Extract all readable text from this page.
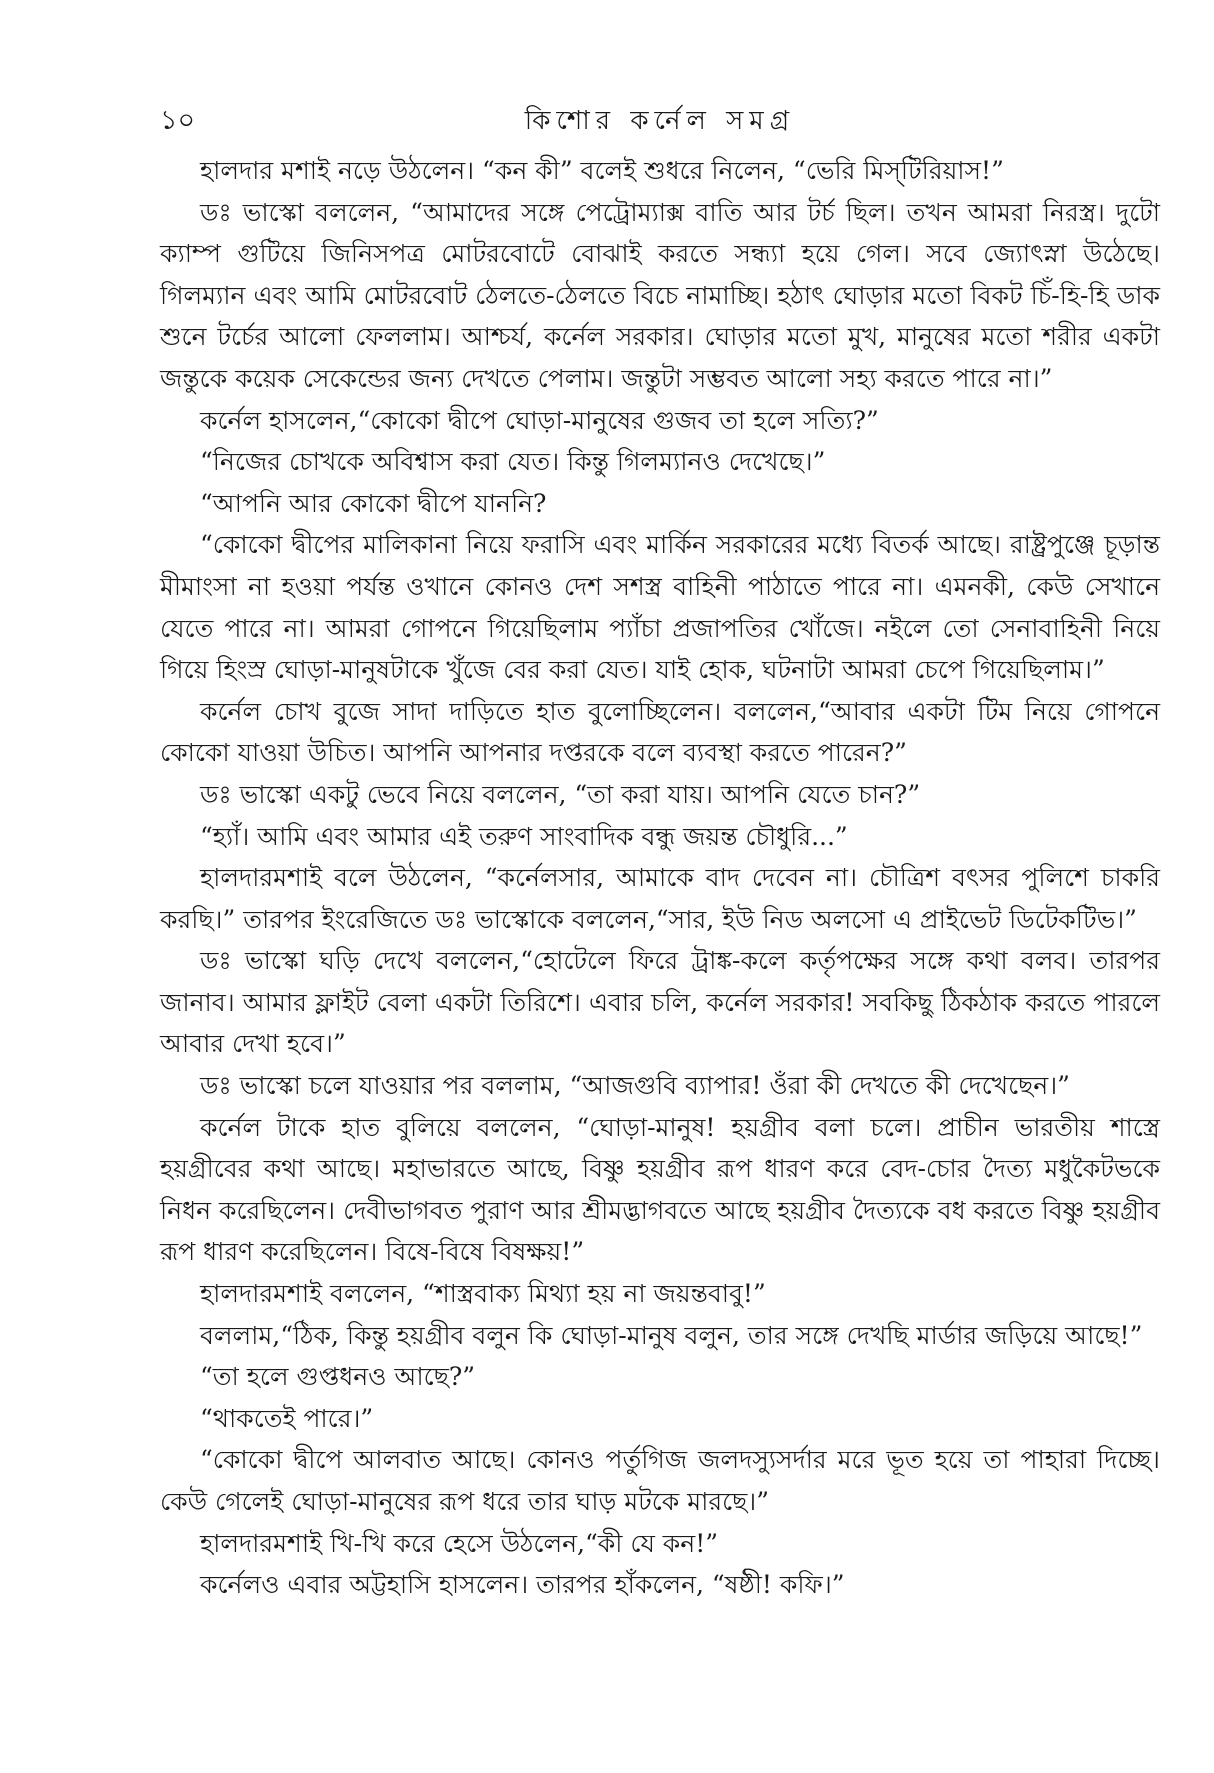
১০	কিশোর কর্নেল সমগ্র

হালদার মশাই নড়ে উঠলেন। “কন কী” বলেই শুধরে নিলেন, “ভেরি মিস্‌টিরিয়াস!”

ডঃ ভাস্কো বললেন, “আমাদের সঙ্গে পেট্রোম্যাক্স বাতি আর টর্চ ছিল। তখন আমরা নিরস্ত্র। দুটো ক্যাম্প গুটিয়ে জিনিসপত্র মোটরবোটে বোঝাই করতে সন্ধ্যা হয়ে গেল। সবে জ্যোৎস্না উঠেছে। গিলম্যান এবং আমি মোটরবোট ঠেলতে-ঠেলতে বিচে নামাচ্ছি। হঠাৎ ঘোড়ার মতো বিকট চিঁ-হি-হি ডাক শুনে টর্চের আলো ফেললাম। আশ্চর্য, কর্নেল সরকার। ঘোড়ার মতো মুখ, মানুষের মতো শরীর একটা জন্তুকে কয়েক সেকেন্ডের জন্য দেখতে পেলাম। জন্তুটা সম্ভবত আলো সহ্য করতে পারে না।”

কর্নেল হাসলেন,“কোকো দ্বীপে ঘোড়া-মানুষের গুজব তা হলে সত্যি?”

“নিজের চোখকে অবিশ্বাস করা যেত। কিন্তু গিলম্যানও দেখেছে।”

“আপনি আর কোকো দ্বীপে যাননি?

“কোকো দ্বীপের মালিকানা নিয়ে ফরাসি এবং মার্কিন সরকারের মধ্যে বিতর্ক আছে। রাষ্ট্রপুঞ্জে চূড়ান্ত মীমাংসা না হওয়া পর্যন্ত ওখানে কোনও দেশ সশস্ত্র বাহিনী পাঠাতে পারে না। এমনকী, কেউ সেখানে যেতে পারে না। আমরা গোপনে গিয়েছিলাম প্যাঁচা প্রজাপতির খোঁজে। নইলে তো সেনাবাহিনী নিয়ে গিয়ে হিংস্র ঘোড়া-মানুষটাকে খুঁজে বের করা যেত। যাই হোক, ঘটনাটা আমরা চেপে গিয়েছিলাম।”

কর্নেল চোখ বুজে সাদা দাড়িতে হাত বুলোচ্ছিলেন। বললেন,“আবার একটা টিম নিয়ে গোপনে কোকো যাওয়া উচিত। আপনি আপনার দপ্তরকে বলে ব্যবস্থা করতে পারেন?”

ডঃ ভাস্কো একটু ভেবে নিয়ে বললেন, “তা করা যায়। আপনি যেতে চান?”

“হ্যাঁ। আমি এবং আমার এই তরুণ সাংবাদিক বন্ধু জয়ন্ত চৌধুরি...”

হালদারমশাই বলে উঠলেন, “কর্নেলসার, আমাকে বাদ দেবেন না। চৌত্রিশ বৎসর পুলিশে চাকরি করছি।” তারপর ইংরেজিতে ডঃ ভাস্কোকে বললেন,“সার, ইউ নিড অলসো এ প্রাইভেট ডিটেকটিভ।”

ডঃ ভাস্কো ঘড়ি দেখে বললেন,“হোটেলে ফিরে ট্রাঙ্ক-কলে কর্তৃপক্ষের সঙ্গে কথা বলব। তারপর জানাব। আমার ফ্লাইট বেলা একটা তিরিশে। এবার চলি, কর্নেল সরকার! সবকিছু ঠিকঠাক করতে পারলে আবার দেখা হবে।”

ডঃ ভাস্কো চলে যাওয়ার পর বললাম, “আজগুবি ব্যাপার! ওঁরা কী দেখতে কী দেখেছেন।”

কর্নেল টাকে হাত বুলিয়ে বললেন, “ঘোড়া-মানুষ! হয়গ্রীব বলা চলে। প্রাচীন ভারতীয় শাস্ত্রে হয়গ্রীবের কথা আছে। মহাভারতে আছে, বিষ্ণু হয়গ্রীব রূপ ধারণ করে বেদ-চোর দৈত্য মধুকৈটভকে নিধন করেছিলেন। দেবীভাগবত পুরাণ আর শ্রীমদ্ভাগবতে আছে হয়গ্রীব দৈত্যকে বধ করতে বিষ্ণু হয়গ্রীব রূপ ধারণ করেছিলেন। বিষে-বিষে বিষক্ষয়!”

হালদারমশাই বললেন, “শাস্ত্রবাক্য মিথ্যা হয় না জয়ন্তবাবু!”

বললাম,“ঠিক, কিন্তু হয়গ্রীব বলুন কি ঘোড়া-মানুষ বলুন, তার সঙ্গে দেখছি মার্ডার জড়িয়ে আছে!”

“তা হলে গুপ্তধনও আছে?”

“থাকতেই পারে।”

“কোকো দ্বীপে আলবাত আছে। কোনও পর্তুগিজ জলদস্যুসর্দার মরে ভূত হয়ে তা পাহারা দিচ্ছে। কেউ গেলেই ঘোড়া-মানুষের রূপ ধরে তার ঘাড় মটকে মারছে।”

হালদারমশাই খি-খি করে হেসে উঠলেন,“কী যে কন!”

কর্নেলও এবার অট্টহাসি হাসলেন। তারপর হাঁকলেন, “ষষ্ঠী! কফি।”
